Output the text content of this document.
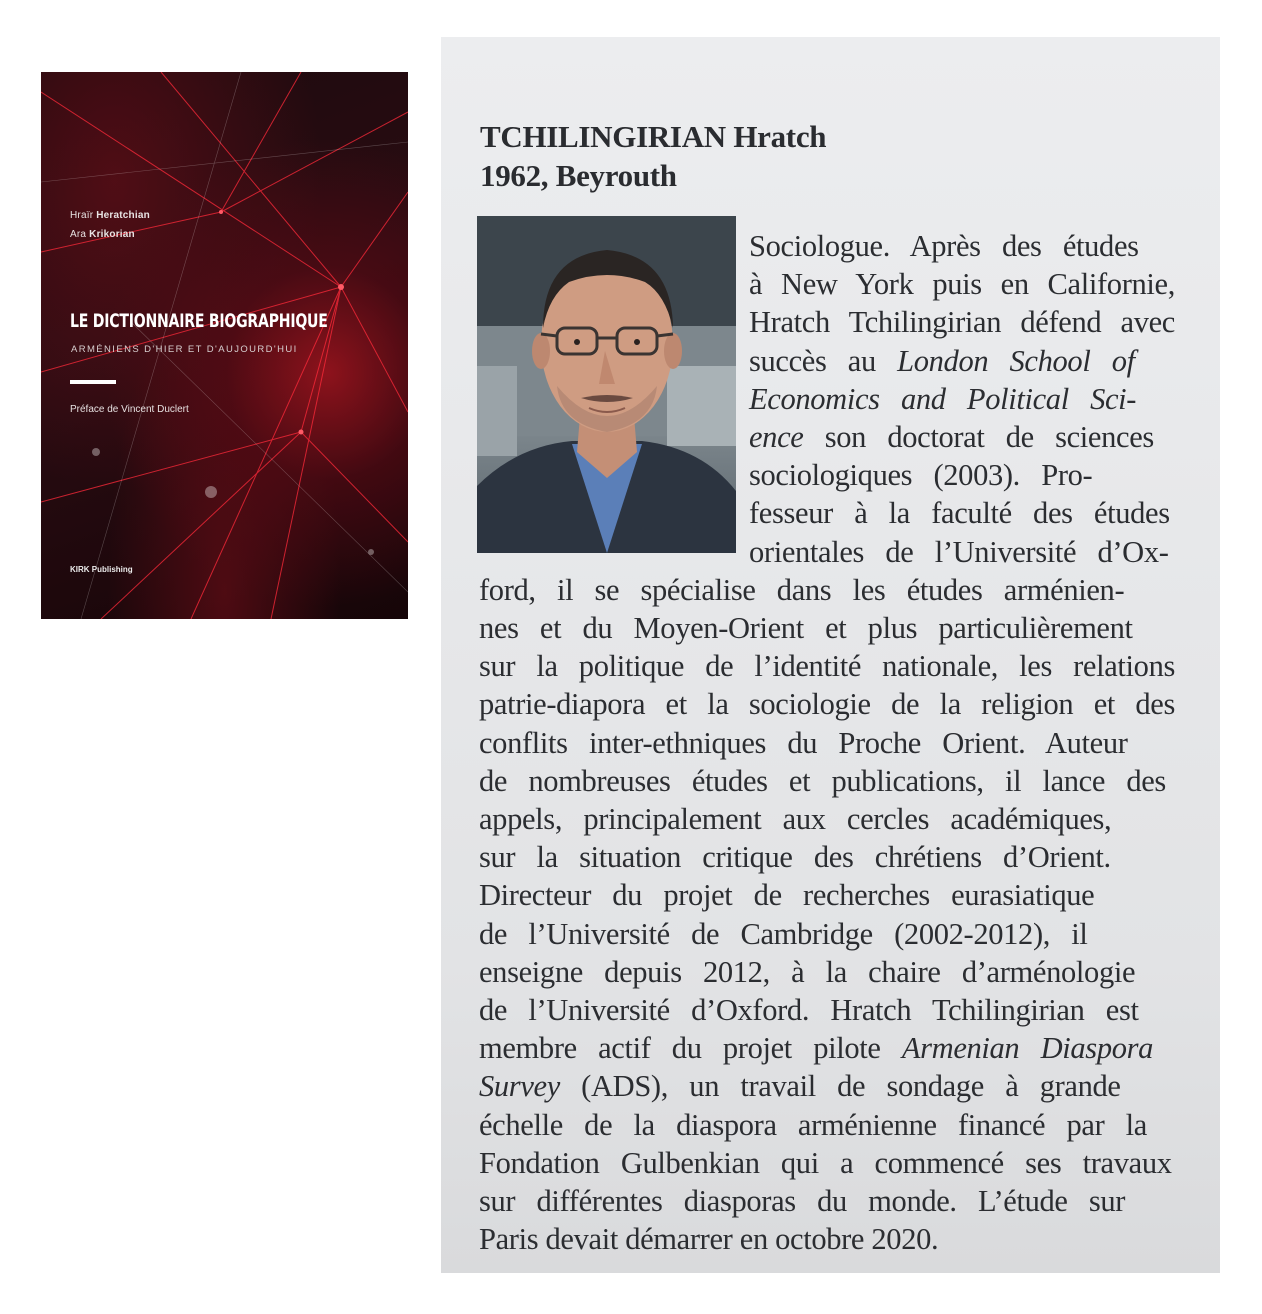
Hraïr Heratchian
Ara Krikorian
LE DICTIONNAIRE BIOGRAPHIQUE
ARMÉNIENS D'HIER ET D'AUJOURD'HUI
Préface de Vincent Duclert
KIRK Publishing
TCHILINGIRIAN Hratch
1962, Beyrouth
Sociologue. Après des études
à New York puis en Californie,
Hratch Tchilingirian défend avec
succès au London School of
Economics and Political Sci-
ence son doctorat de sciences
sociologiques (2003). Pro-
fesseur à la faculté des études
orientales de l’Université d’Ox-
ford, il se spécialise dans les études arménien-
nes et du Moyen-Orient et plus particulièrement
sur la politique de l’identité nationale, les relations
patrie-diapora et la sociologie de la religion et des
conflits inter-ethniques du Proche Orient. Auteur
de nombreuses études et publications, il lance des
appels, principalement aux cercles académiques,
sur la situation critique des chrétiens d’Orient.
Directeur du projet de recherches eurasiatique
de l’Université de Cambridge (2002-2012), il
enseigne depuis 2012, à la chaire d’arménologie
de l’Université d’Oxford. Hratch Tchilingirian est
membre actif du projet pilote Armenian Diaspora
Survey (ADS), un travail de sondage à grande
échelle de la diaspora arménienne financé par la
Fondation Gulbenkian qui a commencé ses travaux
sur différentes diasporas du monde. L’étude sur
Paris devait démarrer en octobre 2020.
